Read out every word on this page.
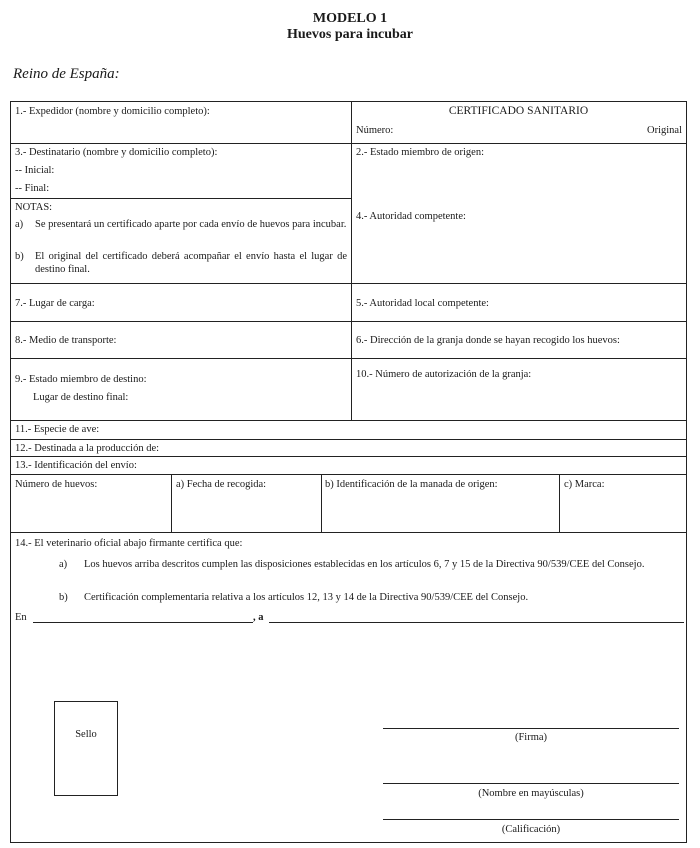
MODELO 1
Huevos para incubar
Reino de España:
1.- Expedidor (nombre y domicilio completo):	CERTIFICADO SANITARIO
Número:	Original
3.- Destinatario (nombre y domicilio completo):
-- Inicial:
-- Final:
2.- Estado miembro de origen:
NOTAS:
a) Se presentará un certificado aparte por cada envío de huevos para incubar.
b) El original del certificado deberá acompañar el envío hasta el lugar de destino final.
4.- Autoridad competente:
7.- Lugar de carga:	5.- Autoridad local competente:
8.- Medio de transporte:	6.- Dirección de la granja donde se hayan recogido los huevos:
9.- Estado miembro de destino:
Lugar de destino final:
10.- Número de autorización de la granja:
11.- Especie de ave:
12.- Destinada a la producción de:
13.- Identificación del envío:
Número de huevos:	a) Fecha de recogida:	b) Identificación de la manada de origen:	c) Marca:
14.- El veterinario oficial abajo firmante certifica que:
a) Los huevos arriba descritos cumplen las disposiciones establecidas en los artículos 6, 7 y 15 de la Directiva 90/539/CEE del Consejo.
b) Certificación complementaria relativa a los artículos 12, 13 y 14 de la Directiva 90/539/CEE del Consejo.
En	, a
Sello	(Firma)
(Nombre en mayúsculas)
(Calificación)
